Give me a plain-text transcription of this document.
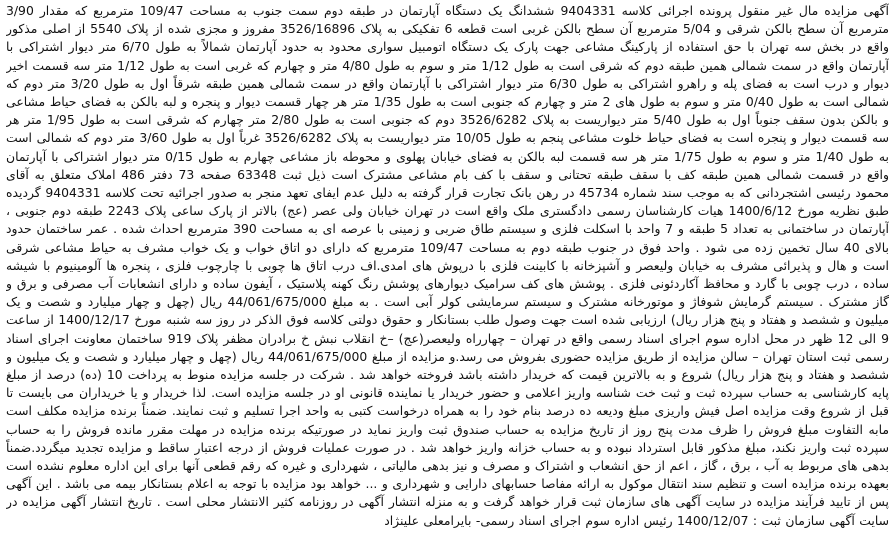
آگهی مزایده مال غیر منقول پرونده اجرائی کلاسه 9404331 ششدانگ یک دستگاه آپارتمان در طبقه دوم سمت جنوب به مساحت 109/47 مترمربع که مقدار 3/90 مترمربع آن سطح بالکن شرقی و 5/04 مترمربع آن سطح بالکن غربی است قطعه 6 تفکیکی به پلاک 3526/16896 مفروز و مجزی شده از پلاک 5540 از اصلی مذکور واقع در بخش سه تهران با حق استفاده از پارکینگ مشاعی جهت پارک یک دستگاه اتومبیل سواری محدود به حدود آپارتمان شمالاً به طول 6/70 متر دیوار اشتراکی با آپارتمان واقع در سمت شمالی همین طبقه دوم که شرقی است به طول 1/12 متر و سوم به طول 4/80 متر و چهارم که غربی است به طول 1/12 متر سه قسمت اخیر دیوار و درب است به فضای پله و راهرو اشتراکی به طول 6/30 متر دیوار اشتراکی با آپارتمان واقع در سمت شمالی همین طبقه شرقاً اول به طول 3/20 متر دوم که شمالی است به طول 0/40 متر و سوم به طول های 2 متر و چهارم که جنوبی است به طول 1/35 متر هر چهار قسمت دیوار و پنجره و لبه بالکن به فضای حیاط مشاعی و بالکن بدون سقف جنوباً اول به طول 5/40 متر دیواریست به پلاک 3526/6282 دوم که جنوبی است به طول 2/80 متر چهارم که شرقی است به طول 1/95 متر هر سه قسمت دیوار و پنجره است به فضای حیاط خلوت مشاعی پنجم به طول 10/05 متر دیواریست به پلاک 3526/6282 غرباً اول به طول 3/60 متر دوم که شمالی است به طول 1/40 متر و سوم به طول 1/75 متر هر سه قسمت لبه بالکن به فضای خیابان پهلوی و محوطه باز مشاعی چهارم به طول 0/15 متر دیوار اشتراکی با آپارتمان واقع در قسمت شمالی همین طبقه کف با سقف طبقه تحتانی و سقف با کف بام مشاعی مشترک است ذیل ثبت 63348 صفحه 73 دفتر 486 املاک متعلق به آقای محمود رئیسی اشتجردانی که به موجب سند شماره 45734 در رهن بانک تجارت قرار گرفته به دلیل عدم ایفای تعهد منجر به صدور اجرائیه تحت کلاسه 9404331 گردیده طبق نظریه مورخ 1400/6/12 هیات کارشناسان رسمی دادگستری ملک واقع است در تهران خیابان ولی عصر (عج) بالاتر از پارک ساعی پلاک 2243 طبقه دوم جنوبی ، آپارتمان در ساختمانی به تعداد 5 طبقه و 7 واحد با اسکلت فلزی و سیستم طاق ضربی و زمینی با عرصه ای به مساحت 390 مترمربع احداث شده . عمر ساختمان حدود بالای 40 سال تخمین زده می شود . واحد فوق در جنوب طبقه دوم به مساحت 109/47 مترمربع که دارای دو اتاق خواب و یک خواب مشرف به حیاط مشاعی شرقی است و هال و پذیرائی مشرف به خیابان ولیعصر و آشپزخانه با کابینت فلزی با درپوش های امدی.اف درب اتاق ها چوبی با چارچوب فلزی ، پنجره ها آلومینیوم با شیشه ساده ، درب چوبی با گارد و محافظ آکاردئونی فلزی . پوشش های کف سرامیک دیوارهای پوشش رنگ کهنه پلاستیک ، آیفون ساده و دارای انشعابات آب مصرفی و برق و گاز مشترک . سیستم گرمایش شوفاژ و موتورخانه مشترک و سیستم سرمایشی کولر آبی است . به مبلغ 44/061/675/000 ریال (چهل و چهار میلیارد و شصت و یک میلیون و ششصد و هفتاد و پنج هزار ریال) ارزیابی شده است جهت وصول طلب بستانکار و حقوق دولتی کلاسه فوق الذکر در روز سه شنبه مورخ 1400/12/17 از ساعت 9 الی 12 ظهر در محل اداره سوم اجرای اسناد رسمی واقع در تهران – چهارراه ولیعصر(عج) –خ انقلاب نبش خ برادران مظفر پلاک 919 ساختمان معاونت اجرای اسناد رسمی ثبت استان تهران – سالن مزایده از طریق مزایده حضوری بفروش می رسد.و مزایده از مبلغ 44/061/675/000 ریال (چهل و چهار میلیارد و شصت و یک میلیون و ششصد و هفتاد و پنج هزار ریال) شروع و به بالاترین قیمت که خریدار داشته باشد فروخته خواهد شد . شرکت در جلسه مزایده منوط به پرداخت 10 (ده) درصد از مبلغ پایه کارشناسی به حساب سپرده ثبت و ثبت خت شناسه واریز اعلامی و حضور خریدار یا نماینده قانونی او در جلسه مزایده است. لذا خریدار و یا خریداران می بایست تا قبل از شروع وقت مزایده اصل فیش واریزی مبلغ ودیعه ده درصد بنام خود را به همراه درخواست کتبی به واحد اجرا تسلیم و ثبت نمایند. ضمناً برنده مزایده مکلف است مابه التفاوت مبلغ فروش را ظرف مدت پنج روز از تاریخ مزایده به حساب صندوق ثبت واریز نماید در صورتیکه برنده مزایده در مهلت مقرر مانده فروش را به حساب سپرده ثبت واریز نکند، مبلغ مذکور قابل استرداد نبوده و به حساب خزانه واریز خواهد شد . در صورت عملیات فروش از درجه اعتبار ساقط و مزایده تجدید میگردد.ضمناً بدهی های مربوط به آب ، برق ، گاز ، اعم از حق انشعاب و اشتراک و مصرف و نیز بدهی مالیاتی ، شهرداری و غیره که رقم قطعی آنها برای این اداره معلوم نشده است بعهده برنده مزایده است و تنظیم سند انتقال موکول به ارائه مفاصا حسابهای دارایی و شهرداری و ... خواهد بود مزایده با توجه به اعلام بستانکار بیمه می باشد . این آگهی پس از تایید فرآیند مزایده در سایت آگهی های سازمان ثبت قرار خواهد گرفت و به منزله انتشار آگهی در روزنامه کثیر الانتشار محلی است . تاریخ انتشار آگهی مزایده در سایت آگهی سازمان ثبت : 1400/12/07 رئیس اداره سوم اجرای اسناد رسمی- بایرامعلی علینژاد
